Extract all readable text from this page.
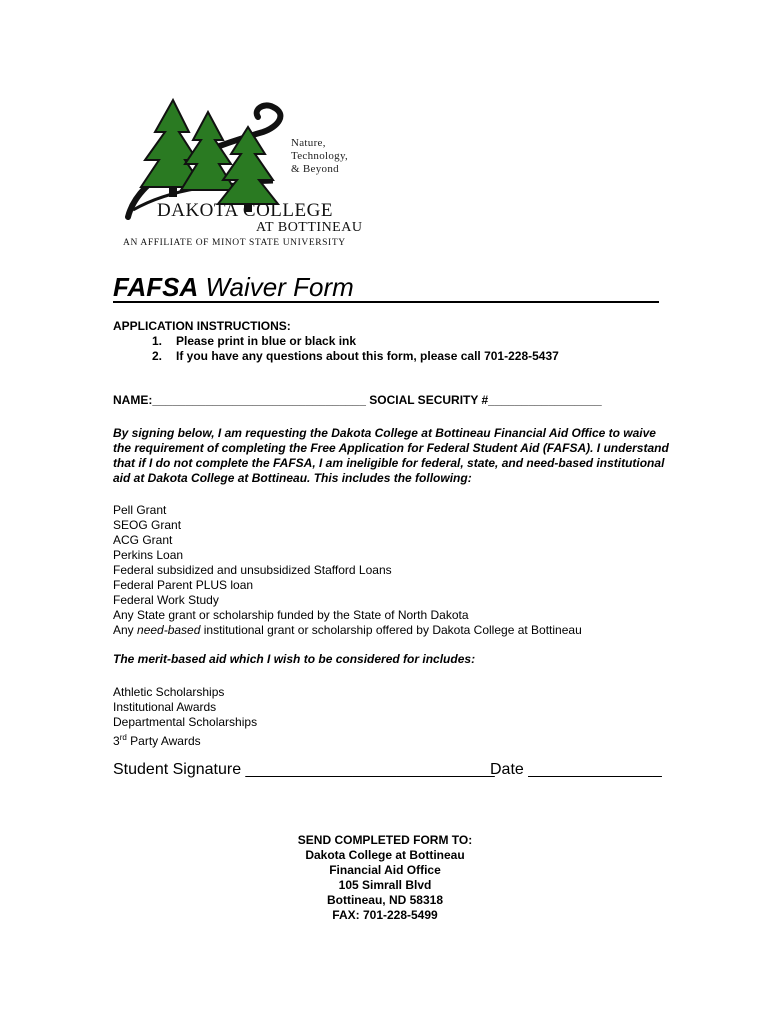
Nature,
Technology,
& Beyond
DAKOTA COLLEGE
AT BOTTINEAU
AN AFFILIATE OF MINOT STATE UNIVERSITY
FAFSA Waiver Form
APPLICATION INSTRUCTIONS:
1. Please print in blue or black ink
2. If you have any questions about this form, please call 701-228-5437
NAME:________________________________ SOCIAL SECURITY #_________________
By signing below, I am requesting the Dakota College at Bottineau Financial Aid Office to waive the requirement of completing the Free Application for Federal Student Aid (FAFSA). I understand that if I do not complete the FAFSA, I am ineligible for federal, state, and need-based institutional aid at Dakota College at Bottineau. This includes the following:
Pell Grant
SEOG Grant
ACG Grant
Perkins Loan
Federal subsidized and unsubsidized Stafford Loans
Federal Parent PLUS loan
Federal Work Study
Any State grant or scholarship funded by the State of North Dakota
Any need-based institutional grant or scholarship offered by Dakota College at Bottineau
The merit-based aid which I wish to be considered for includes:
Athletic Scholarships
Institutional Awards
Departmental Scholarships
3rd Party Awards
Student Signature ____________________________
Date _______________
SEND COMPLETED FORM TO:
Dakota College at Bottineau
Financial Aid Office
105 Simrall Blvd
Bottineau, ND 58318
FAX: 701-228-5499
